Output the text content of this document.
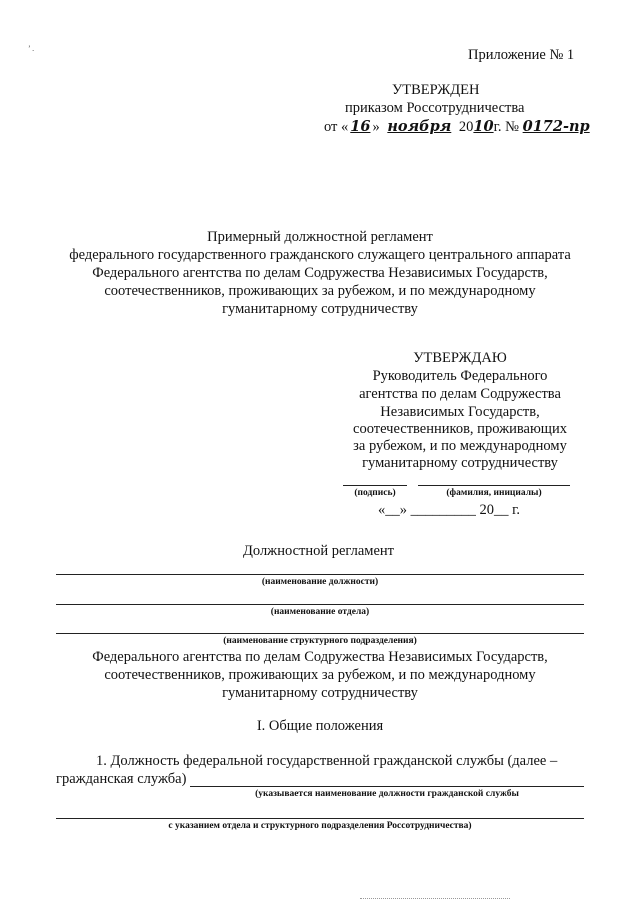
’ .	Приложение № 1
УТВЕРЖДЕН
приказом Россотрудничества
от « 16 » ноября 2010г. № 0172-пр
Примерный должностной регламент
федерального государственного гражданского служащего центрального аппарата
Федерального агентства по делам Содружества Независимых Государств,
соотечественников, проживающих за рубежом, и по международному
гуманитарному сотрудничеству
УТВЕРЖДАЮ
Руководитель Федерального
агентства по делам Содружества
Независимых Государств,
соотечественников, проживающих
за рубежом, и по международному
гуманитарному сотрудничеству
(подпись)	(фамилия, инициалы)
«__» _________ 20__ г.
Должностной регламент
(наименование должности)
(наименование отдела)
(наименование структурного подразделения)
Федерального агентства по делам Содружества Независимых Государств,
соотечественников, проживающих за рубежом, и по международному
гуманитарному сотрудничеству
I. Общие положения
1. Должность федеральной государственной гражданской службы (далее –
гражданская служба)
(указывается наименование должности гражданской службы
с указанием отдела и структурного подразделения Россотрудничества)
